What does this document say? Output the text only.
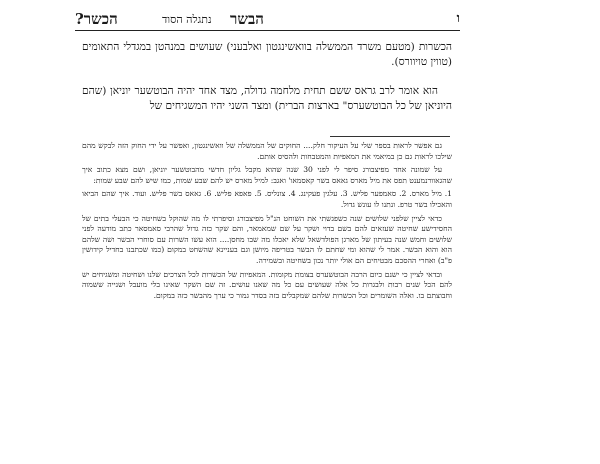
ו
הבשר
נתגלה הסוד
הכשר?

הכשרות (מטעם משרד הממשלה בוואשינגטון ואלבעני) שעושים במנהטן במגדלי התאומים (טווין טויוורס).

הוא אומר לרב גראס ששם תחית מלחמה גדולה, מצד אחד יהיה הבוטשער יוניאן (שהם היוניאן של כל הבוטשערס" בארצות הברית) ומצד השני יהיו המשגיחים של

גם אפשר לראות בספר שלי על העיקור חלק.... החוקים של הממשלה של וואשינגטון, ואפשר על ידי החוק הזה לבקש מהם שילכו לראות גם כן במיאמי את המאפיות והמטבחות ולהסיס אותם.

על שמונה אחד מפיצבורג סיפר לי לפני 30 שנה שהוא מקבל גליון חדשי מהבוטשער יוניאן, ושם מצא כתוב איך שהגאוורנמענט תפס את מיל מארס גאאס בשר קאסמאו' ואגב: למיל מארס יש להם שבע שמות, כמו שיש להם שבע שמות:

1. מיל מארס. 2. סאמפער פליש. 3. עלגין פעקינג. 4. צונליס. 5. פאפא פליש. 6. גאאס בשר פליש. ועוד. איך שהם הביאו והאכילו בשר טרפ. ונתנו לו עונש גדול.

כדאי לציין שלפני שלושים שנה כשפגשתי את השוחט הנ"ל מפיצבורג וסיפרתי לו מה שהוקל בשחיטה כי הבעלי בתים של החסידישע שחיטה שעזאים להם בשם בדוי ושקר על שם שמאמאר, והם שקר כזה גדול שהרבי סאמסאר כתב מודעה לפני שלושים וחמש שנה בעיתון של מארגן הפולדשאל שלא יאכלו מה שבו מחסן.... הוא עשו השרות עם סוחרי הבשר ושה שלהם הוא והוא הבשר. אמר לי שהוא ומי שחתם לו הבשר בטריפה מיושן וגם בעניינא שהשחט במקום (כמו שכתבנו בחדיל קידושין פ"ב) ואחרי ההסכם מבטיחים הם אולי יותר נכון בשחיטה ובשמירה.

ובדאי לציין כי ישנם כיום הרבה הבוטשערס בצומת מקומות. המאפיות של הכשרות לכל הצרכים שלנו ושחיטה ומשגיחים יש להם הכל שנים רבות ולבגרות כל אלה שעושים עם כל מה שאנו עושים. זה שם השקר שאינו בלי מועבל ושנייה ששמוה וחבוצתם בו. ואלה השומרים וכל הכשרות שלהם שמקבלים בזה בסדר גמור כי ערך מהבשר כזה במקום.
